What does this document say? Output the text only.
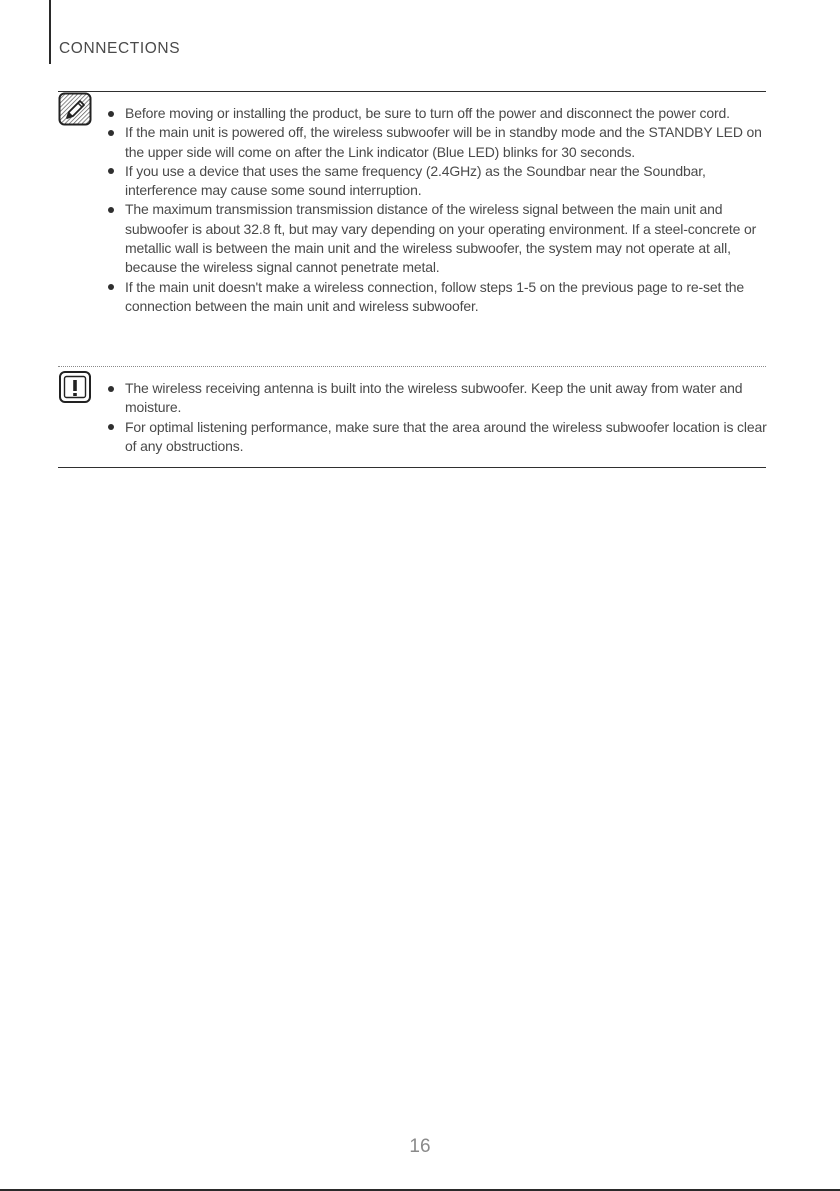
CONNECTIONS
Before moving or installing the product, be sure to turn off the power and disconnect the power cord.
If the main unit is powered off, the wireless subwoofer will be in standby mode and the STANDBY LED on the upper side will come on after the Link indicator (Blue LED) blinks for 30 seconds.
If you use a device that uses the same frequency (2.4GHz) as the Soundbar near the Soundbar, interference may cause some sound interruption.
The maximum transmission transmission distance of the wireless signal between the main unit and subwoofer is about 32.8 ft, but may vary depending on your operating environment. If a steel-concrete or metallic wall is between the main unit and the wireless subwoofer, the system may not operate at all, because the wireless signal cannot penetrate metal.
If the main unit doesn't make a wireless connection, follow steps 1-5 on the previous page to re-set the connection between the main unit and wireless subwoofer.
The wireless receiving antenna is built into the wireless subwoofer. Keep the unit away from water and moisture.
For optimal listening performance, make sure that the area around the wireless subwoofer location is clear of any obstructions.
16
